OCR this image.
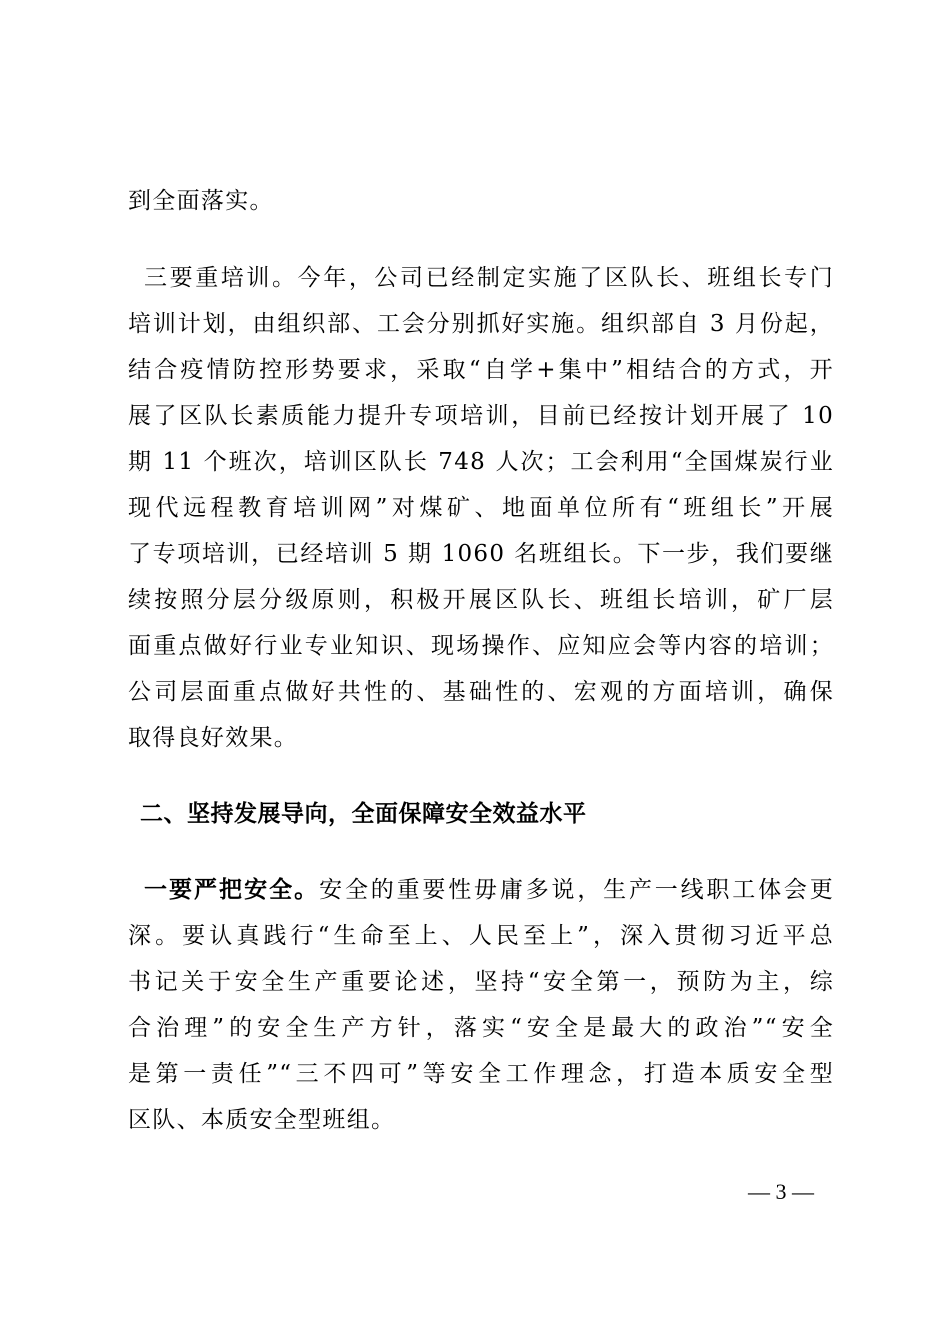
到全面落实。
三要重培训。今年，公司已经制定实施了区队长、班组长专门
培训计划，由组织部、工会分别抓好实施。组织部自 3 月份起，
结合疫情防控形势要求，采取“自学+集中”相结合的方式，开
展了区队长素质能力提升专项培训，目前已经按计划开展了 10
期 11 个班次，培训区队长 748 人次；工会利用“全国煤炭行业
现代远程教育培训网”对煤矿、地面单位所有“班组长”开展
了专项培训，已经培训 5 期 1060 名班组长。下一步，我们要继
续按照分层分级原则，积极开展区队长、班组长培训，矿厂层
面重点做好行业专业知识、现场操作、应知应会等内容的培训；
公司层面重点做好共性的、基础性的、宏观的方面培训，确保
取得良好效果。
二、坚持发展导向，全面保障安全效益水平
一要严把安全。安全的重要性毋庸多说，生产一线职工体会更
深。要认真践行“生命至上、人民至上”，深入贯彻习近平总
书记关于安全生产重要论述，坚持“安全第一，预防为主，综
合治理”的安全生产方针，落实“安全是最大的政治”“安全
是第一责任”“三不四可”等安全工作理念，打造本质安全型
区队、本质安全型班组。
— 3 —
